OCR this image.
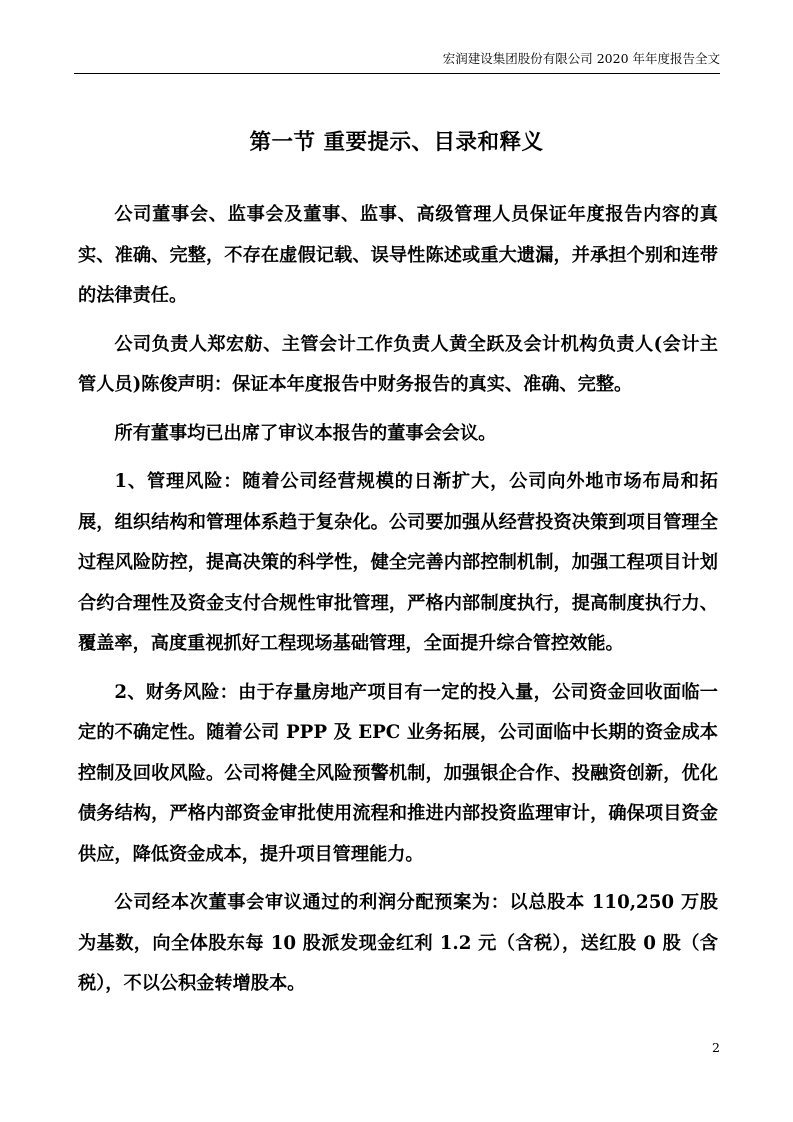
宏润建设集团股份有限公司 2020 年年度报告全文
第一节 重要提示、目录和释义

公司董事会、监事会及董事、监事、高级管理人员保证年度报告内容的真实、准确、完整，不存在虚假记载、误导性陈述或重大遗漏，并承担个别和连带的法律责任。

公司负责人郑宏舫、主管会计工作负责人黄全跃及会计机构负责人(会计主管人员)陈俊声明：保证本年度报告中财务报告的真实、准确、完整。

所有董事均已出席了审议本报告的董事会会议。

1、管理风险：随着公司经营规模的日渐扩大，公司向外地市场布局和拓展，组织结构和管理体系趋于复杂化。公司要加强从经营投资决策到项目管理全过程风险防控，提高决策的科学性，健全完善内部控制机制，加强工程项目计划合约合理性及资金支付合规性审批管理，严格内部制度执行，提高制度执行力、覆盖率，高度重视抓好工程现场基础管理，全面提升综合管控效能。

2、财务风险：由于存量房地产项目有一定的投入量，公司资金回收面临一定的不确定性。随着公司 PPP 及 EPC 业务拓展，公司面临中长期的资金成本控制及回收风险。公司将健全风险预警机制，加强银企合作、投融资创新，优化债务结构，严格内部资金审批使用流程和推进内部投资监理审计，确保项目资金供应，降低资金成本，提升项目管理能力。

公司经本次董事会审议通过的利润分配预案为：以总股本 110,250 万股为基数，向全体股东每 10 股派发现金红利 1.2 元（含税），送红股 0 股（含税），不以公积金转增股本。

2
